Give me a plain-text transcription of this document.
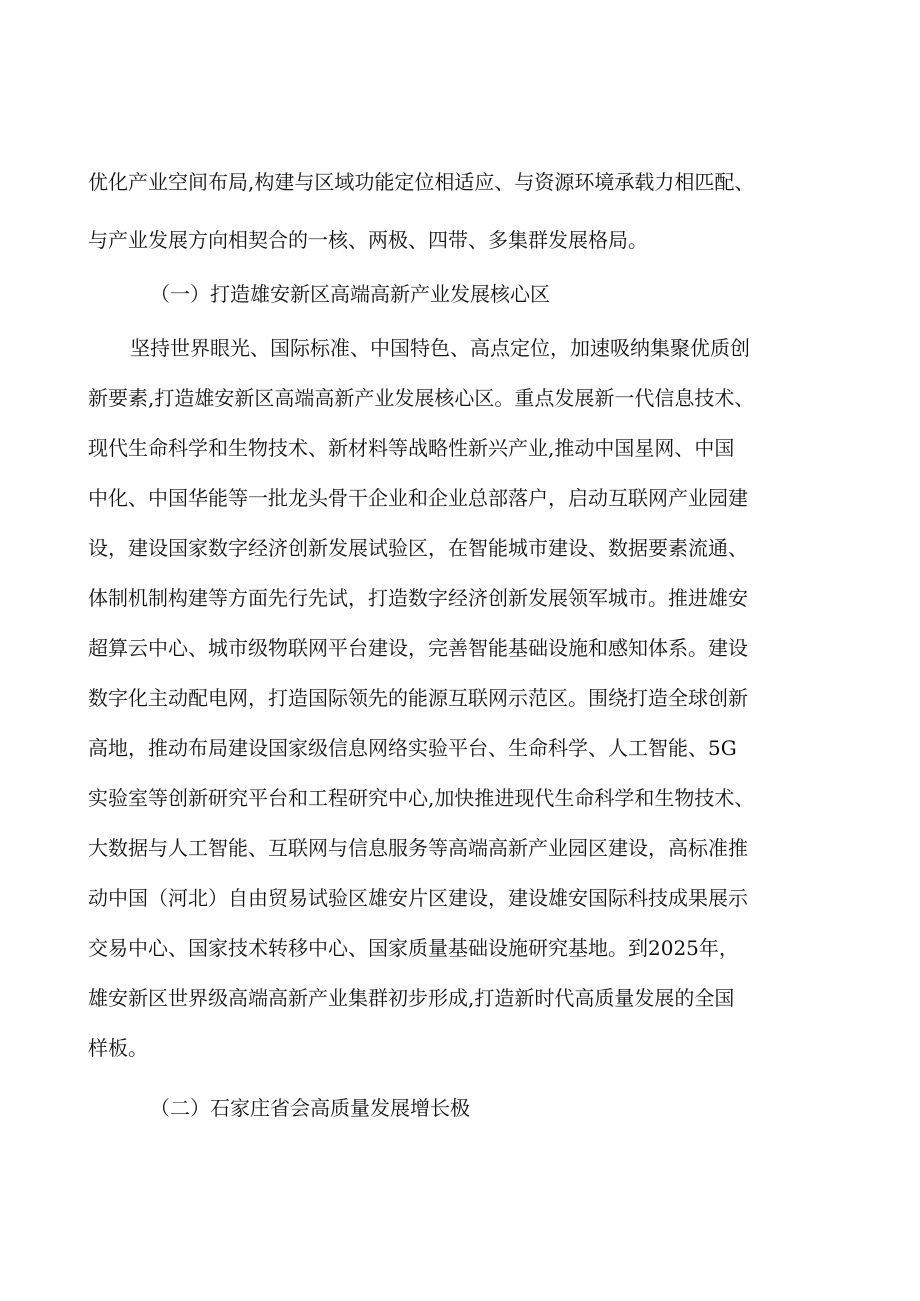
优化产业空间布局,构建与区域功能定位相适应、与资源环境承载力相匹配、
与产业发展方向相契合的一核、两极、四带、多集群发展格局。
（一）打造雄安新区高端高新产业发展核心区
坚持世界眼光、国际标准、中国特色、高点定位，加速吸纳集聚优质创
新要素,打造雄安新区高端高新产业发展核心区。重点发展新一代信息技术、
现代生命科学和生物技术、新材料等战略性新兴产业,推动中国星网、中国
中化、中国华能等一批龙头骨干企业和企业总部落户，启动互联网产业园建
设，建设国家数字经济创新发展试验区，在智能城市建设、数据要素流通、
体制机制构建等方面先行先试，打造数字经济创新发展领军城市。推进雄安
超算云中心、城市级物联网平台建设，完善智能基础设施和感知体系。建设
数字化主动配电网，打造国际领先的能源互联网示范区。围绕打造全球创新
高地，推动布局建设国家级信息网络实验平台、生命科学、人工智能、5G
实验室等创新研究平台和工程研究中心,加快推进现代生命科学和生物技术、
大数据与人工智能、互联网与信息服务等高端高新产业园区建设，高标准推
动中国（河北）自由贸易试验区雄安片区建设，建设雄安国际科技成果展示
交易中心、国家技术转移中心、国家质量基础设施研究基地。到2025年，
雄安新区世界级高端高新产业集群初步形成,打造新时代高质量发展的全国
样板。
（二）石家庄省会高质量发展增长极
